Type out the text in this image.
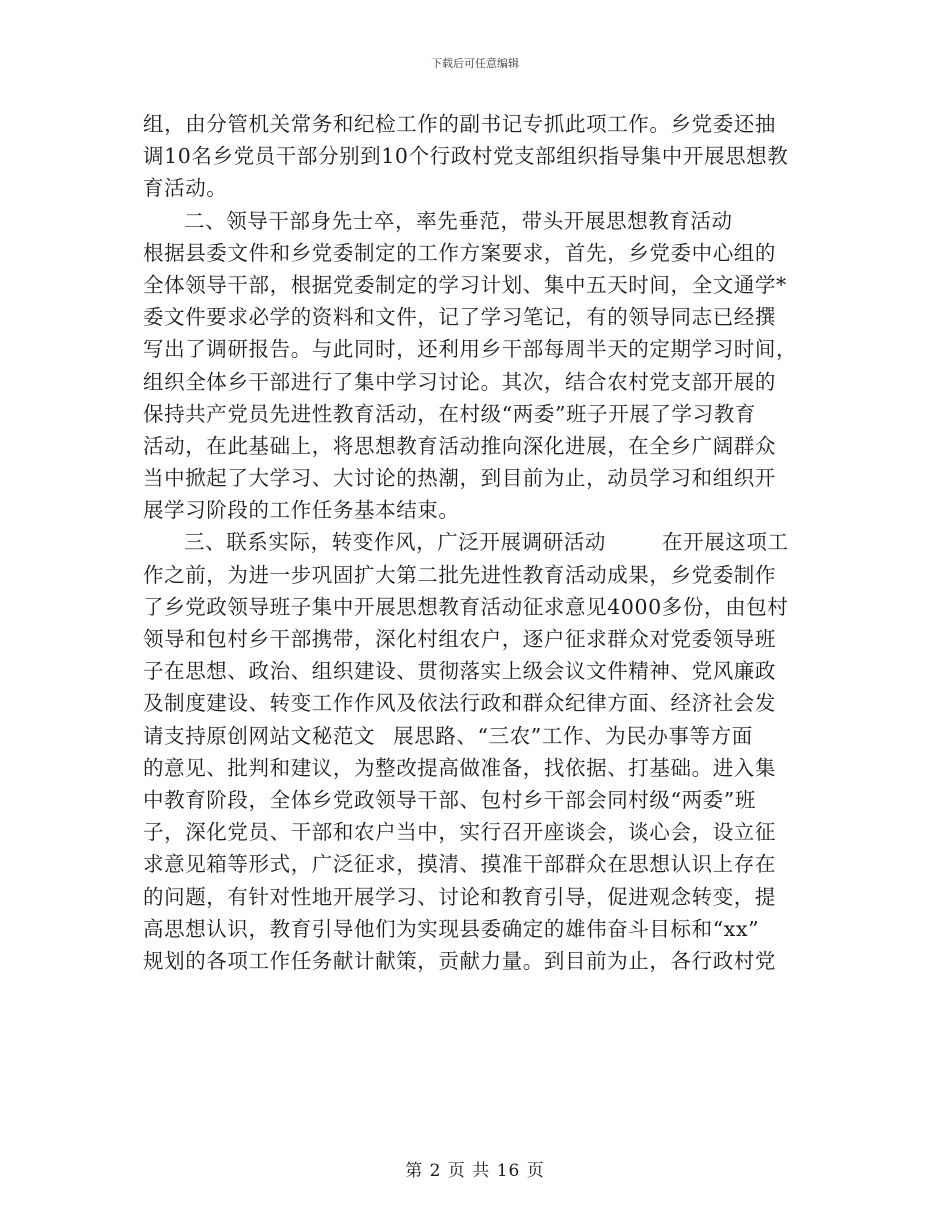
下载后可任意编辑
组，由分管机关常务和纪检工作的副书记专抓此项工作。乡党委还抽
调10名乡党员干部分别到10个行政村党支部组织指导集中开展思想教
育活动。
二、领导干部身先士卒，率先垂范，带头开展思想教育活动
根据县委文件和乡党委制定的工作方案要求，首先，乡党委中心组的
全体领导干部，根据党委制定的学习计划、集中五天时间，全文通学*
委文件要求必学的资料和文件，记了学习笔记，有的领导同志已经撰
写出了调研报告。与此同时，还利用乡干部每周半天的定期学习时间，
组织全体乡干部进行了集中学习讨论。其次，结合农村党支部开展的
保持共产党员先进性教育活动，在村级“两委”班子开展了学习教育
活动，在此基础上，将思想教育活动推向深化进展，在全乡广阔群众
当中掀起了大学习、大讨论的热潮，到目前为止，动员学习和组织开
展学习阶段的工作任务基本结束。
三、联系实际，转变作风，广泛开展调研活动	在开展这项工
作之前，为进一步巩固扩大第二批先进性教育活动成果，乡党委制作
了乡党政领导班子集中开展思想教育活动征求意见4000多份，由包村
领导和包村乡干部携带，深化村组农户，逐户征求群众对党委领导班
子在思想、政治、组织建设、贯彻落实上级会议文件精神、党风廉政
及制度建设、转变工作作风及依法行政和群众纪律方面、经济社会发
请支持原创网站文秘范文 展思路、“三农”工作、为民办事等方面
的意见、批判和建议，为整改提高做准备，找依据、打基础。进入集
中教育阶段，全体乡党政领导干部、包村乡干部会同村级“两委”班
子，深化党员、干部和农户当中，实行召开座谈会，谈心会，设立征
求意见箱等形式，广泛征求，摸清、摸准干部群众在思想认识上存在
的问题，有针对性地开展学习、讨论和教育引导，促进观念转变，提
高思想认识，教育引导他们为实现县委确定的雄伟奋斗目标和“xx”
规划的各项工作任务献计献策，贡献力量。到目前为止，各行政村党
第 2 页 共 16 页
